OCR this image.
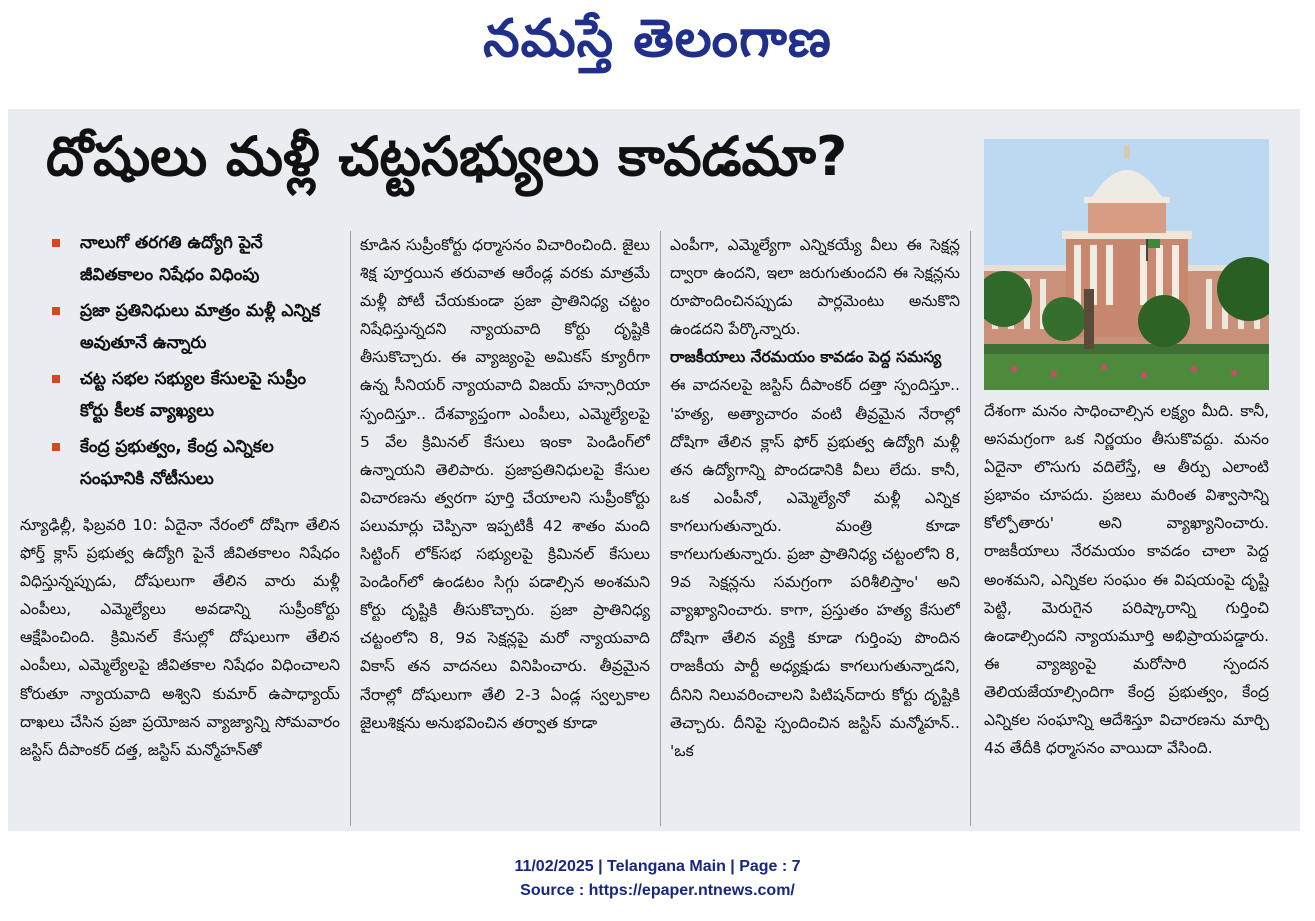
నమస్తే తెలంగాణ
దోషులు మళ్లీ చట్టసభ్యులు కావడమా?
నాలుగో తరగతి ఉద్యోగి పైనే జీవితకాలం నిషేధం విధింపు
ప్రజా ప్రతినిధులు మాత్రం మళ్లీ ఎన్నిక అవుతూనే ఉన్నారు
చట్ట సభల సభ్యుల కేసులపై సుప్రీం కోర్టు కీలక వ్యాఖ్యలు
కేంద్ర ప్రభుత్వం, కేంద్ర ఎన్నికల సంఘానికి నోటీసులు

న్యూఢిల్లీ, ఫిబ్రవరి 10: ఏదైనా నేరంలో దోషిగా తేలిన ఫోర్త్ క్లాస్ ప్రభుత్వ ఉద్యోగి పైనే జీవితకాలం నిషేధం విధిస్తున్నప్పుడు, దోషులుగా తేలిన వారు మళ్లీ ఎంపీలు, ఎమ్మెల్యేలు అవడాన్ని సుప్రీంకోర్టు ఆక్షేపించింది. క్రిమినల్ కేసుల్లో దోషులుగా తేలిన ఎంపీలు, ఎమ్మెల్యేలపై జీవితకాల నిషేధం విధించాలని కోరుతూ న్యాయవాది అశ్విని కుమార్ ఉపాధ్యాయ్ దాఖలు చేసిన ప్రజా ప్రయోజన వ్యాజ్యాన్ని సోమవారం జస్టిస్ దీపాంకర్ దత్త, జస్టిస్ మన్మోహన్‌తో

కూడిన సుప్రీంకోర్టు ధర్మాసనం విచారించింది. జైలు శిక్ష పూర్తయిన తరువాత ఆరేండ్ల వరకు మాత్రమే మళ్లీ పోటీ చేయకుండా ప్రజా ప్రాతినిధ్య చట్టం నిషేధిస్తున్నదని న్యాయవాది కోర్టు దృష్టికి తీసుకొచ్చారు. ఈ వ్యాజ్యంపై అమికస్ క్యూరీగా ఉన్న సీనియర్ న్యాయవాది విజయ్ హన్సారియా స్పందిస్తూ.. దేశవ్యాప్తంగా ఎంపీలు, ఎమ్మెల్యేలపై 5 వేల క్రిమినల్ కేసులు ఇంకా పెండింగ్‌లో ఉన్నాయని తెలిపారు. ప్రజాప్రతినిధులపై కేసుల విచారణను త్వరగా పూర్తి చేయాలని సుప్రీంకోర్టు పలుమార్లు చెప్పినా ఇప్పటికీ 42 శాతం మంది సిట్టింగ్ లోక్‌సభ సభ్యులపై క్రిమినల్ కేసులు పెండింగ్‌లో ఉండటం సిగ్గు పడాల్సిన అంశమని కోర్టు దృష్టికి తీసుకొచ్చారు. ప్రజా ప్రాతినిధ్య చట్టంలోని 8, 9వ సెక్షన్లపై మరో న్యాయవాది వికాస్ తన వాదనలు వినిపించారు. తీవ్రమైన నేరాల్లో దోషులుగా తేలి 2-3 ఏండ్ల స్వల్పకాల జైలుశిక్షను అనుభవించిన తర్వాత కూడా

ఎంపీగా, ఎమ్మెల్యేగా ఎన్నికయ్యే వీలు ఈ సెక్షన్ల ద్వారా ఉందని, ఇలా జరుగుతుందని ఈ సెక్షన్లను రూపొందించినప్పుడు పార్లమెంటు అనుకొని ఉండదని పేర్కొన్నారు.

రాజకీయాలు నేరమయం కావడం పెద్ద సమస్య

ఈ వాదనలపై జస్టిస్ దీపాంకర్ దత్తా స్పందిస్తూ.. 'హత్య, అత్యాచారం వంటి తీవ్రమైన నేరాల్లో దోషిగా తేలిన క్లాస్ ఫోర్ ప్రభుత్వ ఉద్యోగి మళ్లీ తన ఉద్యోగాన్ని పొందడానికి వీలు లేదు. కానీ, ఒక ఎంపీనో, ఎమ్మెల్యేనో మళ్లీ ఎన్నిక కాగలుగుతున్నారు. మంత్రి కూడా కాగలుగుతున్నారు. ప్రజా ప్రాతినిధ్య చట్టంలోని 8, 9వ సెక్షన్లను సమగ్రంగా పరిశీలిస్తాం' అని వ్యాఖ్యానించారు. కాగా, ప్రస్తుతం హత్య కేసులో దోషిగా తేలిన వ్యక్తి కూడా గుర్తింపు పొందిన రాజకీయ పార్టీ అధ్యక్షుడు కాగలుగుతున్నాడని, దీనిని నిలువరించాలని పిటిషన్‌దారు కోర్టు దృష్టికి తెచ్చారు. దీనిపై స్పందించిన జస్టిస్ మన్మోహన్.. 'ఒక

దేశంగా మనం సాధించాల్సిన లక్ష్యం మీది. కానీ, అసమగ్రంగా ఒక నిర్ణయం తీసుకొవద్దు. మనం ఏదైనా లొసుగు వదిలేస్తే, ఆ తీర్పు ఎలాంటి ప్రభావం చూపదు. ప్రజలు మరింత విశ్వాసాన్ని కోల్పోతారు' అని వ్యాఖ్యానించారు. రాజకీయాలు నేరమయం కావడం చాలా పెద్ద అంశమని, ఎన్నికల సంఘం ఈ విషయంపై దృష్టి పెట్టి, మెరుగైన పరిష్కారాన్ని గుర్తించి ఉండాల్సిందని న్యాయమూర్తి అభిప్రాయపడ్డారు. ఈ వ్యాజ్యంపై మరోసారి స్పందన తెలియజేయాల్సిందిగా కేంద్ర ప్రభుత్వం, కేంద్ర ఎన్నికల సంఘాన్ని ఆదేశిస్తూ విచారణను మార్చి 4వ తేదీకి ధర్మాసనం వాయిదా వేసింది.

11/02/2025 | Telangana Main | Page : 7
Source : https://epaper.ntnews.com/
